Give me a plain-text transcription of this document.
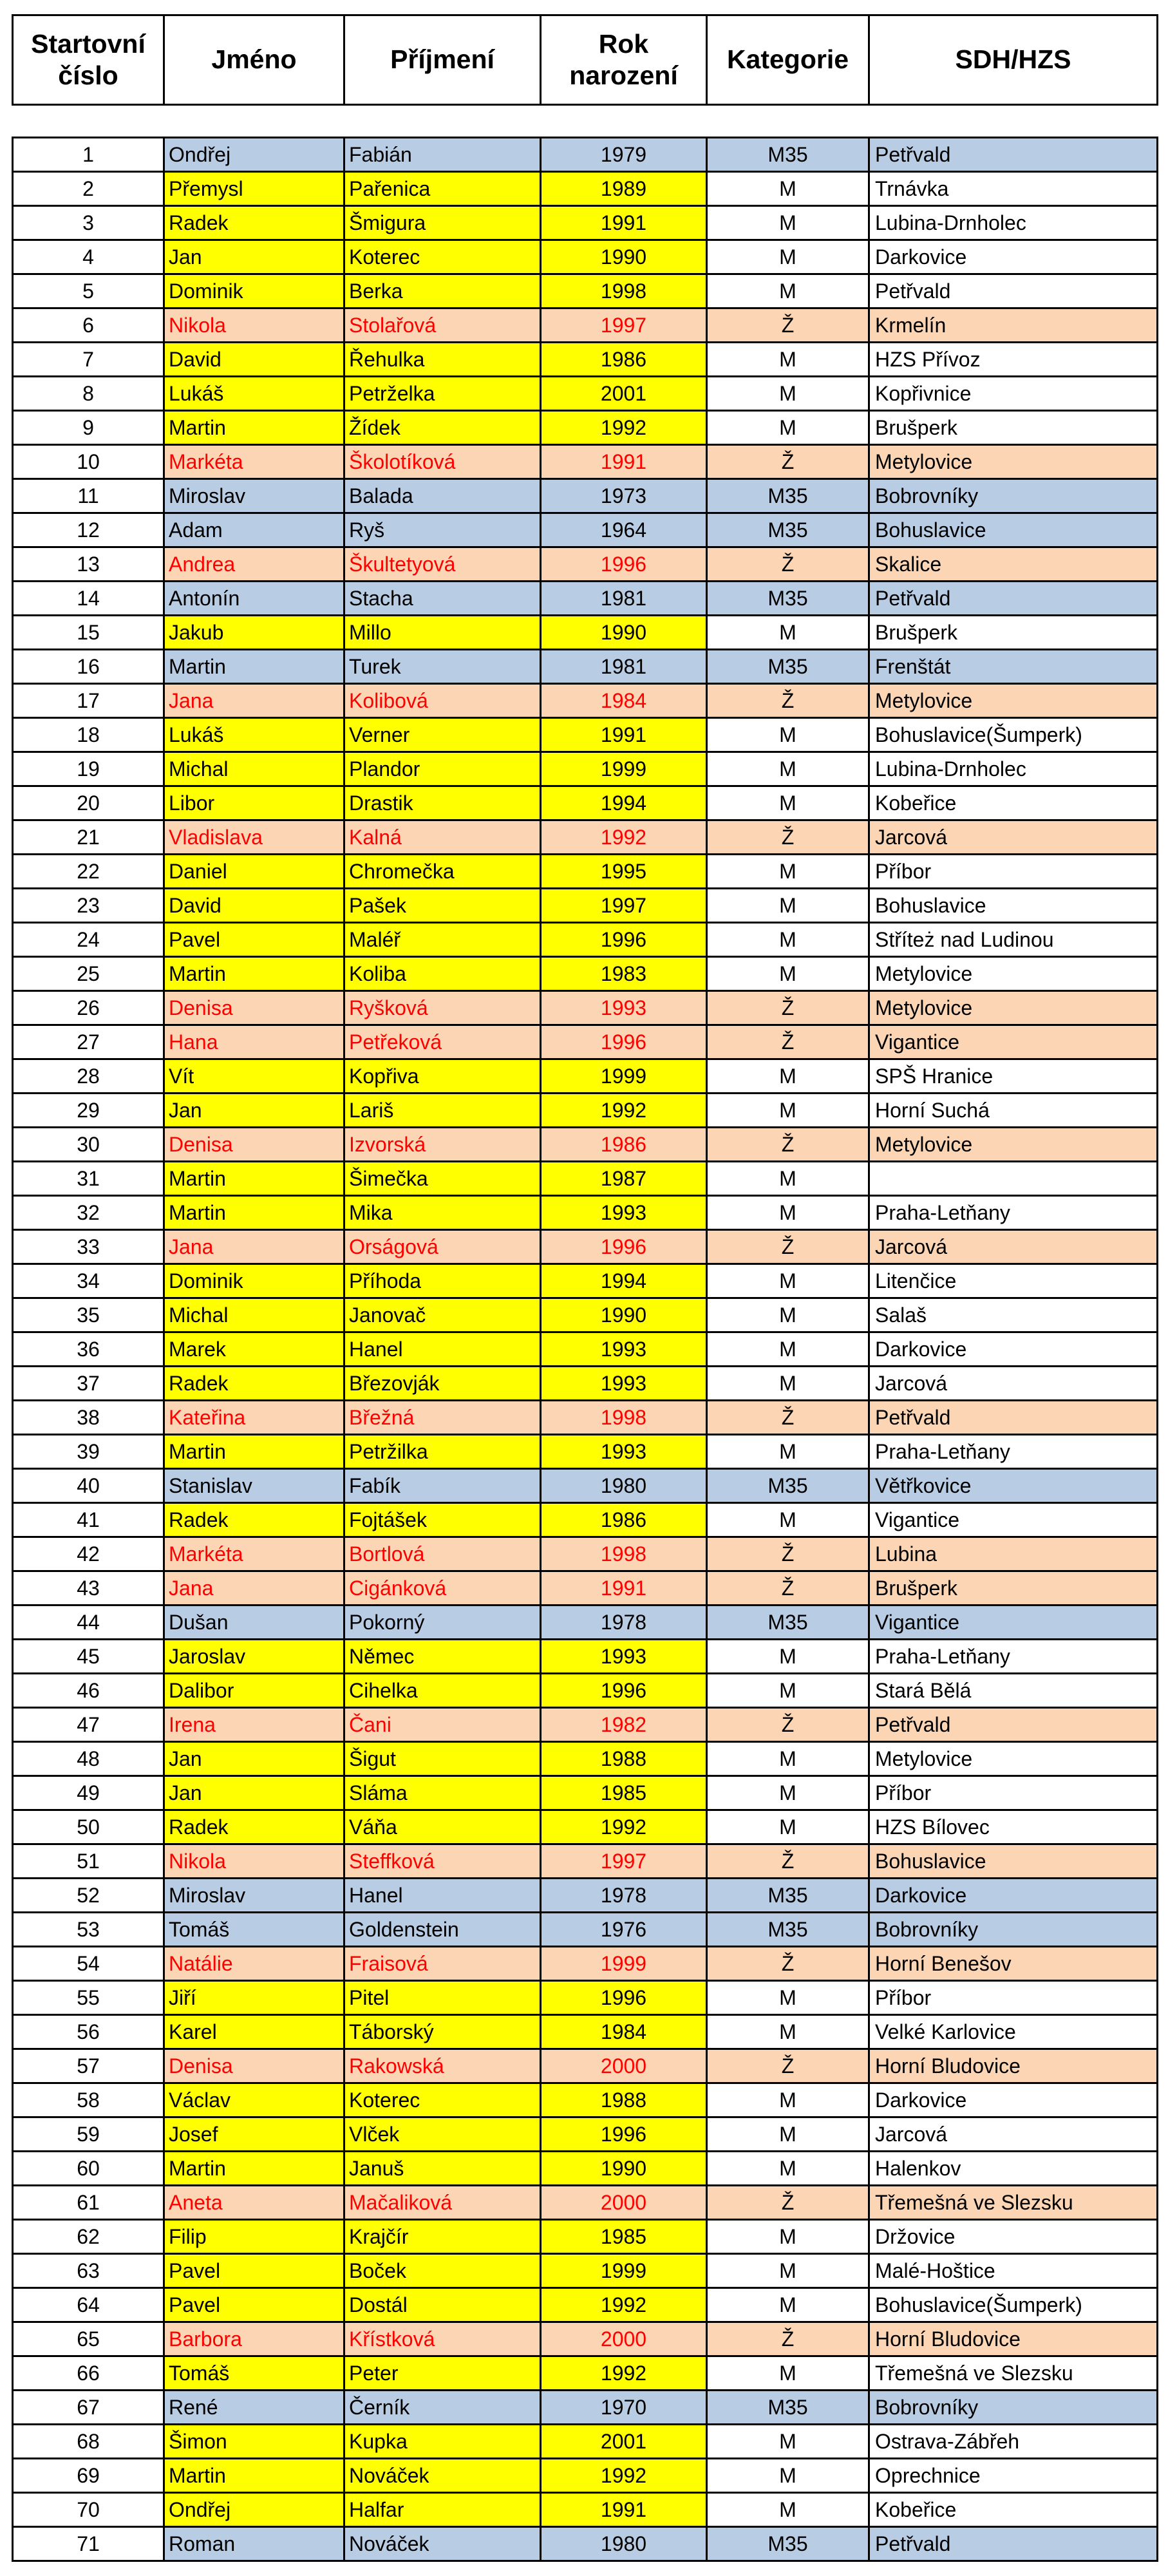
Startovní číslo	Jméno	Příjmení	Rok narození	Kategorie	SDH/HZS
1	Ondřej	Fabián	1979	M35	Petřvald
2	Přemysl	Pařenica	1989	M	Trnávka
3	Radek	Šmigura	1991	M	Lubina-Drnholec
4	Jan	Koterec	1990	M	Darkovice
5	Dominik	Berka	1998	M	Petřvald
6	Nikola	Stolařová	1997	Ž	Krmelín
7	David	Řehulka	1986	M	HZS Přívoz
8	Lukáš	Petrželka	2001	M	Kopřivnice
9	Martin	Žídek	1992	M	Brušperk
10	Markéta	Školotíková	1991	Ž	Metylovice
11	Miroslav	Balada	1973	M35	Bobrovníky
12	Adam	Ryš	1964	M35	Bohuslavice
13	Andrea	Škultetyová	1996	Ž	Skalice
14	Antonín	Stacha	1981	M35	Petřvald
15	Jakub	Millo	1990	M	Brušperk
16	Martin	Turek	1981	M35	Frenštát
17	Jana	Kolibová	1984	Ž	Metylovice
18	Lukáš	Verner	1991	M	Bohuslavice(Šumperk)
19	Michal	Plandor	1999	M	Lubina-Drnholec
20	Libor	Drastik	1994	M	Kobeřice
21	Vladislava	Kalná	1992	Ž	Jarcová
22	Daniel	Chromečka	1995	M	Příbor
23	David	Pašek	1997	M	Bohuslavice
24	Pavel	Maléř	1996	M	Stříteż nad Ludinou
25	Martin	Koliba	1983	M	Metylovice
26	Denisa	Ryšková	1993	Ž	Metylovice
27	Hana	Petřeková	1996	Ž	Vigantice
28	Vít	Kopřiva	1999	M	SPŠ Hranice
29	Jan	Lariš	1992	M	Horní Suchá
30	Denisa	Izvorská	1986	Ž	Metylovice
31	Martin	Šimečka	1987	M	
32	Martin	Mika	1993	M	Praha-Letňany
33	Jana	Orságová	1996	Ž	Jarcová
34	Dominik	Příhoda	1994	M	Litenčice
35	Michal	Janovač	1990	M	Salaš
36	Marek	Hanel	1993	M	Darkovice
37	Radek	Březovják	1993	M	Jarcová
38	Kateřina	Břežná	1998	Ž	Petřvald
39	Martin	Petržilka	1993	M	Praha-Letňany
40	Stanislav	Fabík	1980	M35	Větřkovice
41	Radek	Fojtášek	1986	M	Vigantice
42	Markéta	Bortlová	1998	Ž	Lubina
43	Jana	Cigánková	1991	Ž	Brušperk
44	Dušan	Pokorný	1978	M35	Vigantice
45	Jaroslav	Němec	1993	M	Praha-Letňany
46	Dalibor	Cihelka	1996	M	Stará Bělá
47	Irena	Čani	1982	Ž	Petřvald
48	Jan	Šigut	1988	M	Metylovice
49	Jan	Sláma	1985	M	Příbor
50	Radek	Váňa	1992	M	HZS Bílovec
51	Nikola	Steffková	1997	Ž	Bohuslavice
52	Miroslav	Hanel	1978	M35	Darkovice
53	Tomáš	Goldenstein	1976	M35	Bobrovníky
54	Natálie	Fraisová	1999	Ž	Horní Benešov
55	Jiří	Pitel	1996	M	Příbor
56	Karel	Táborský	1984	M	Velké Karlovice
57	Denisa	Rakowská	2000	Ž	Horní Bludovice
58	Václav	Koterec	1988	M	Darkovice
59	Josef	Vlček	1996	M	Jarcová
60	Martin	Januš	1990	M	Halenkov
61	Aneta	Mačaliková	2000	Ž	Třemešná ve Slezsku
62	Filip	Krajčír	1985	M	Držovice
63	Pavel	Boček	1999	M	Malé-Hoštice
64	Pavel	Dostál	1992	M	Bohuslavice(Šumperk)
65	Barbora	Křístková	2000	Ž	Horní Bludovice
66	Tomáš	Peter	1992	M	Třemešná ve Slezsku
67	René	Černík	1970	M35	Bobrovníky
68	Šimon	Kupka	2001	M	Ostrava-Zábřeh
69	Martin	Nováček	1992	M	Oprechnice
70	Ondřej	Halfar	1991	M	Kobeřice
71	Roman	Nováček	1980	M35	Petřvald
